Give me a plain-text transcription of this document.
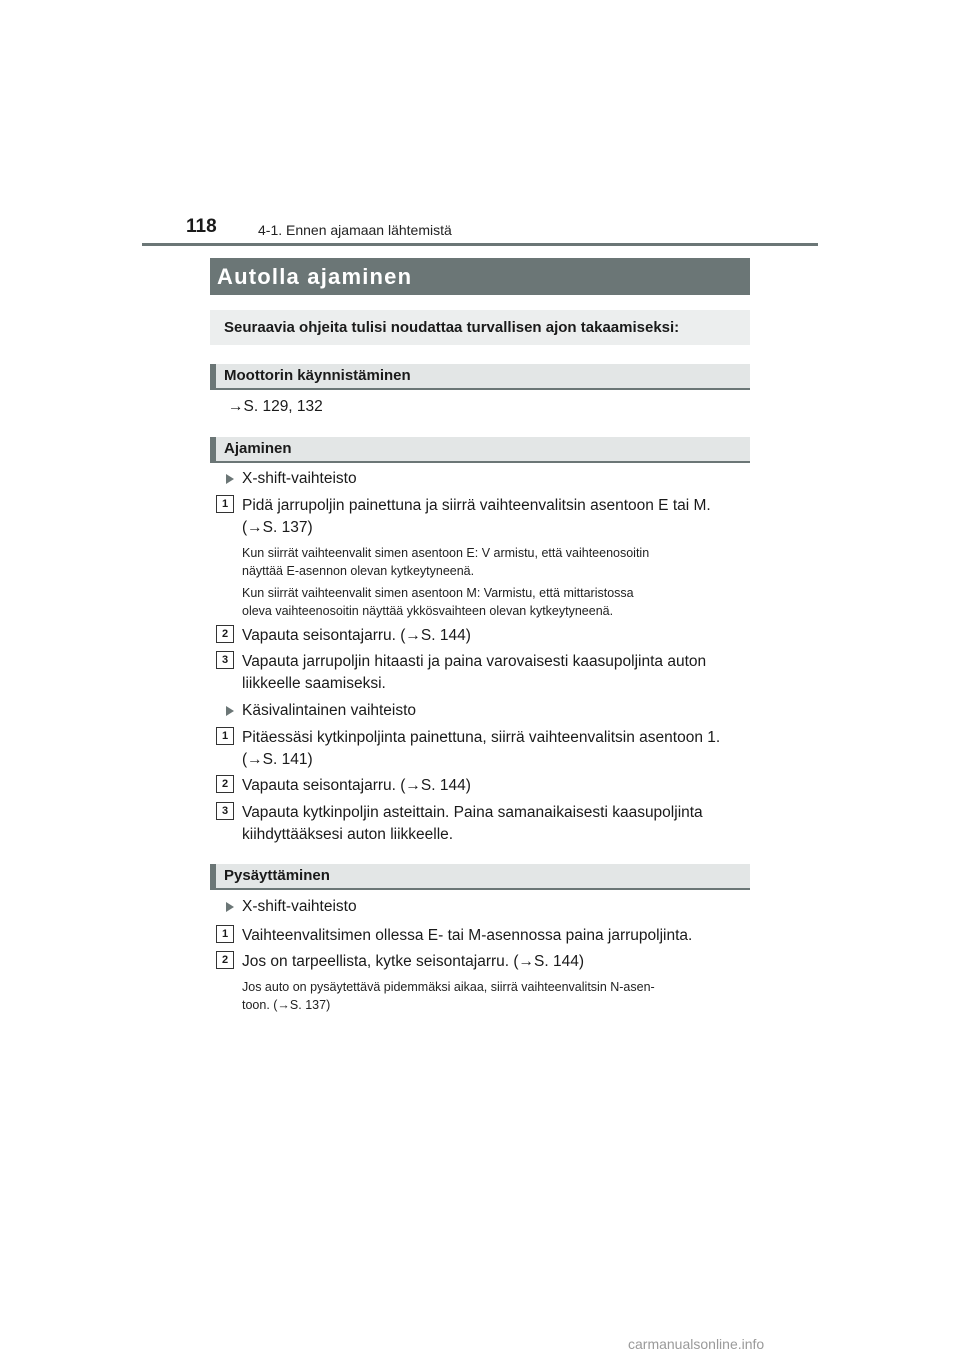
118	4-1. Ennen ajamaan lähtemistä
Autolla ajaminen
Seuraavia ohjeita tulisi noudattaa turvallisen ajon takaamiseksi:
Moottorin käynnistäminen
→S. 129, 132
Ajaminen
X-shift-vaihteisto
1 Pidä jarrupoljin painettuna ja siirrä vaihteenvalitsin asentoon E tai M.
(→S. 137)
Kun siirrät vaihteenvalit simen asentoon E: V armistu, että vaihteenosoitin
näyttää E-asennon olevan kytkeytyneenä.
Kun siirrät vaihteenvalit simen asentoon M: Varmistu, että mittaristossa
oleva vaihteenosoitin näyttää ykkösvaihteen olevan kytkeytyneenä.
2 Vapauta seisontajarru. (→S. 144)
3 Vapauta jarrupoljin hitaasti ja paina varovaisesti kaasupoljinta auton
liikkeelle saamiseksi.
Käsivalintainen vaihteisto
1 Pitäessäsi kytkinpoljinta painettuna, siirrä vaihteenvalitsin asentoon 1.
(→S. 141)
2 Vapauta seisontajarru. (→S. 144)
3 Vapauta kytkinpoljin asteittain. Paina samanaikaisesti kaasupoljinta
kiihdyttääksesi auton liikkeelle.
Pysäyttäminen
X-shift-vaihteisto
1 Vaihteenvalitsimen ollessa E- tai M-asennossa paina jarrupoljinta.
2 Jos on tarpeellista, kytke seisontajarru. (→S. 144)
Jos auto on pysäytettävä pidemmäksi aikaa, siirrä vaihteenvalitsin N-asen-
toon. (→S. 137)
carmanualsonline.info
